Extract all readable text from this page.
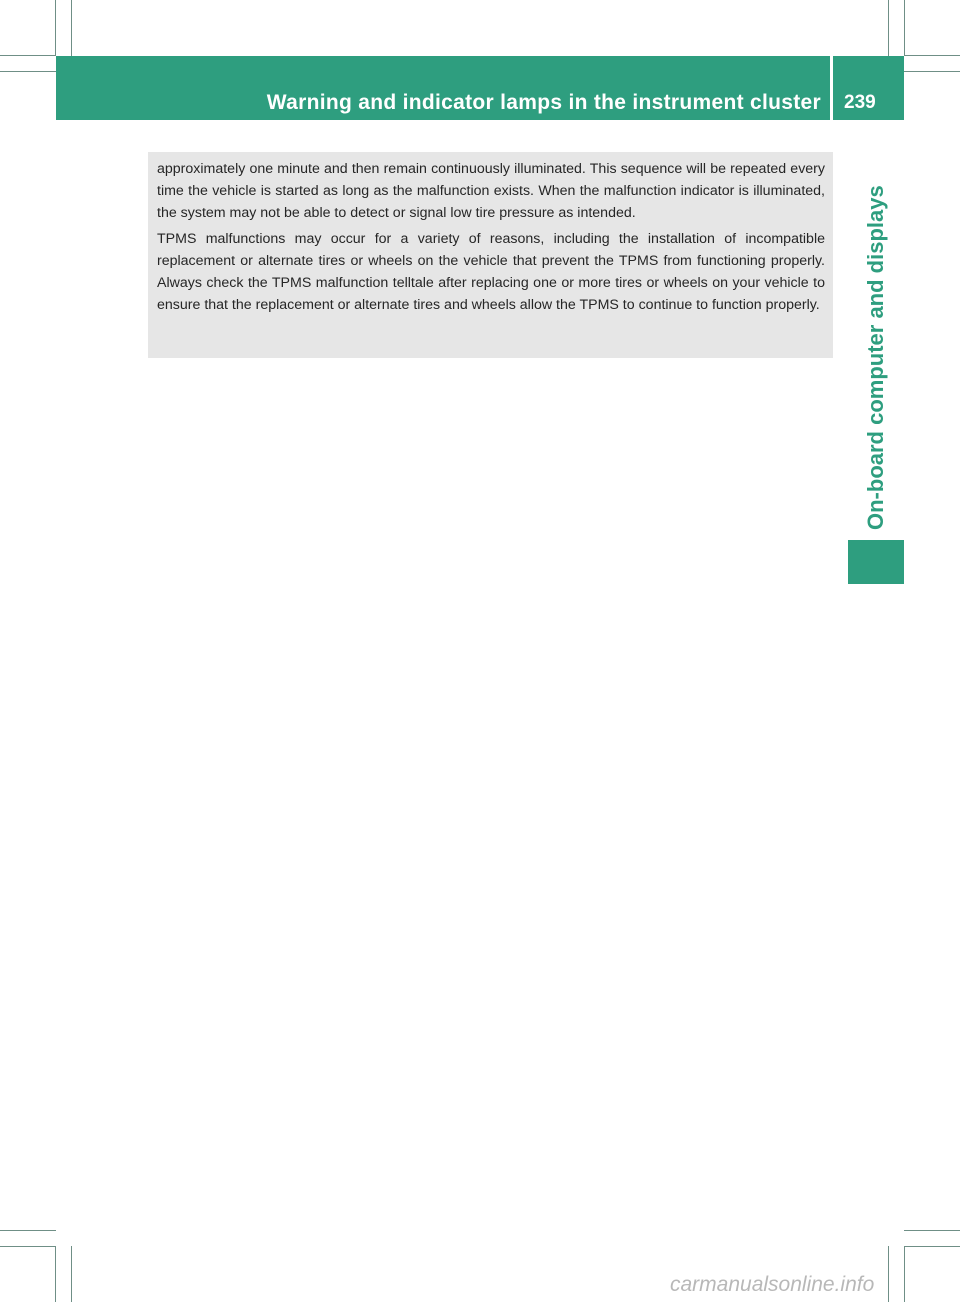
Warning and indicator lamps in the instrument cluster	239
On-board computer and displays

approximately one minute and then remain continuously illuminated. This sequence will be repeated every time the vehicle is started as long as the malfunction exists. When the malfunction indicator is illuminated, the system may not be able to detect or signal low tire pressure as intended.

TPMS malfunctions may occur for a variety of reasons, including the installation of incompatible replacement or alternate tires or wheels on the vehicle that prevent the TPMS from functioning properly. Always check the TPMS malfunction telltale after replacing one or more tires or wheels on your vehicle to ensure that the replacement or alternate tires and wheels allow the TPMS to continue to function properly.

carmanualsonline.info
